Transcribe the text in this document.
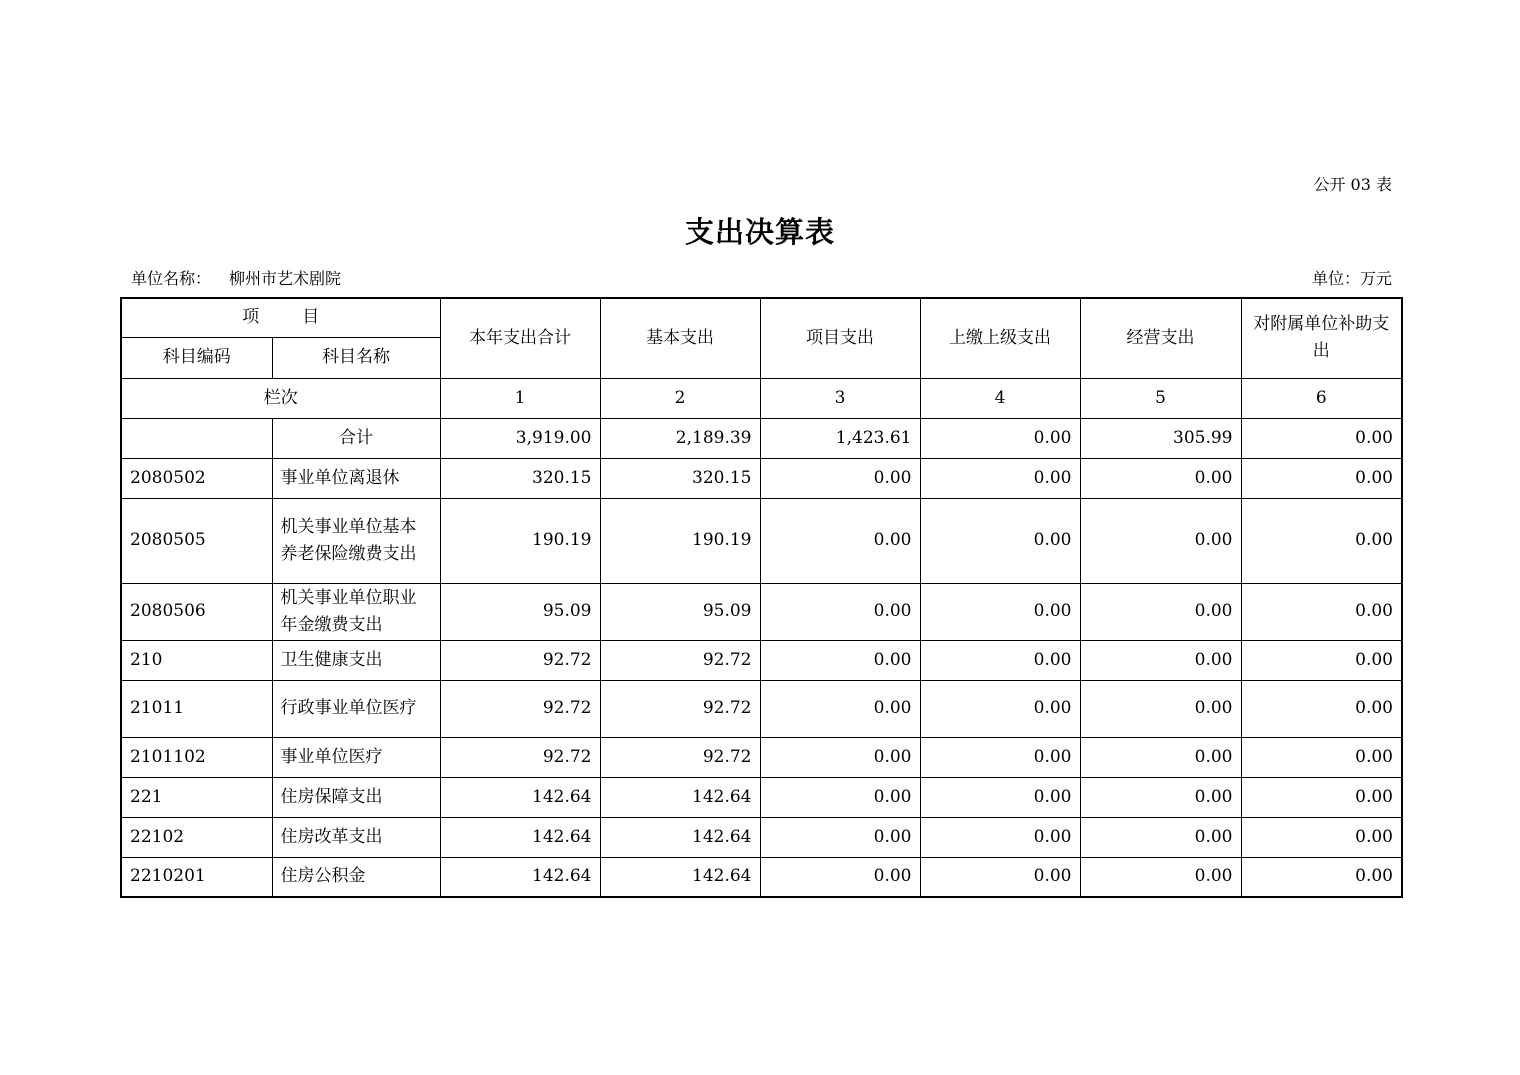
公开 03 表
支出决算表
单位名称： 柳州市艺术剧院	单位：万元
项 目		本年支出合计	基本支出	项目支出	上缴上级支出	经营支出	对附属单位补助支出
科目编码	科目名称						
栏次		1	2	3	4	5	6
	合计	3,919.00	2,189.39	1,423.61	0.00	305.99	0.00
2080502	事业单位离退休	320.15	320.15	0.00	0.00	0.00	0.00
2080505	机关事业单位基本养老保险缴费支出	190.19	190.19	0.00	0.00	0.00	0.00
2080506	机关事业单位职业年金缴费支出	95.09	95.09	0.00	0.00	0.00	0.00
210	卫生健康支出	92.72	92.72	0.00	0.00	0.00	0.00
21011	行政事业单位医疗	92.72	92.72	0.00	0.00	0.00	0.00
2101102	事业单位医疗	92.72	92.72	0.00	0.00	0.00	0.00
221	住房保障支出	142.64	142.64	0.00	0.00	0.00	0.00
22102	住房改革支出	142.64	142.64	0.00	0.00	0.00	0.00
2210201	住房公积金	142.64	142.64	0.00	0.00	0.00	0.00
